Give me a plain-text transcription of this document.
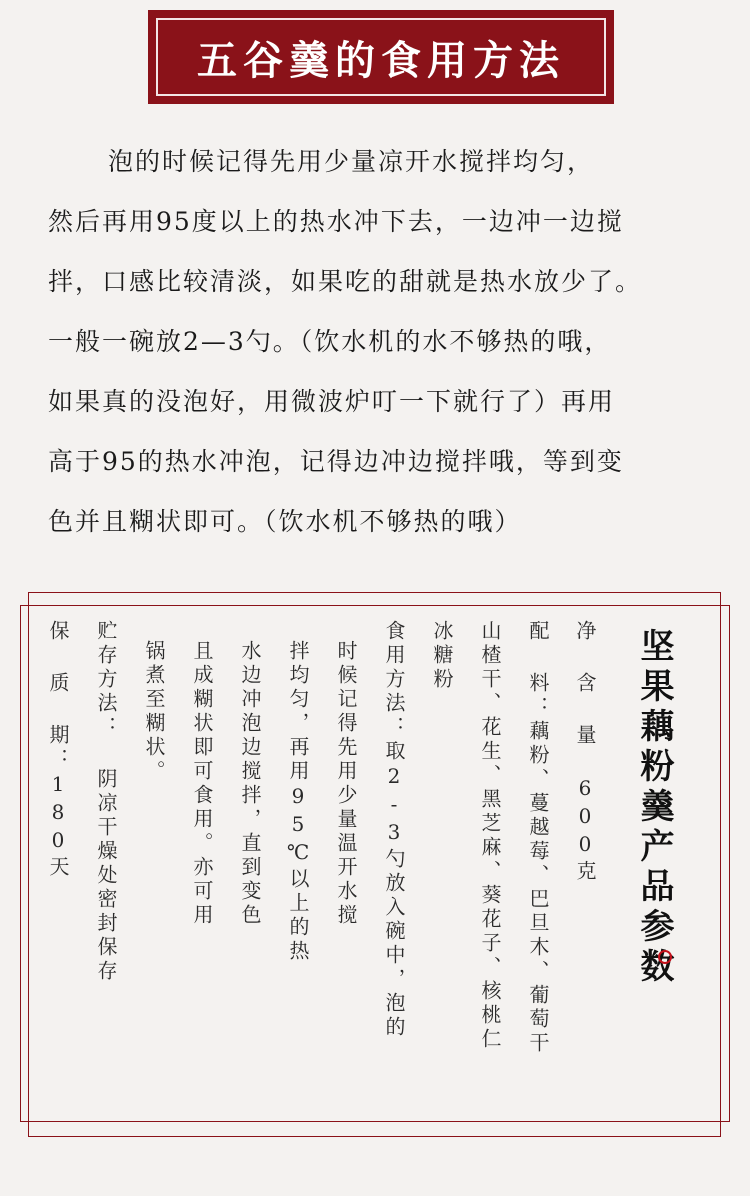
五谷羹的食用方法

泡的时候记得先用少量凉开水搅拌均匀，

然后再用95度以上的热水冲下去，一边冲一边搅

拌，口感比较清淡，如果吃的甜就是热水放少了。

一般一碗放2—3勺。（饮水机的水不够热的哦，

如果真的没泡好，用微波炉叮一下就行了）再用

高于95的热水冲泡，记得边冲边搅拌哦，等到变

色并且糊状即可。（饮水机不够热的哦）

坚果藕粉羹产品参数
净 含 量 600克
配 料：藕粉、蔓越莓、巴旦木、葡萄干
山楂干、花生、黑芝麻、葵花子、核桃仁
冰糖粉
食用方法：取2-3勺放入碗中，泡的
时候记得先用少量温开水搅
拌均匀，再用95℃以上的热
水边冲泡边搅拌，直到变色
且成糊状即可食用。亦可用
锅煮至糊状。
贮存方法： 阴凉干燥处密封保存
保 质 期：180天
